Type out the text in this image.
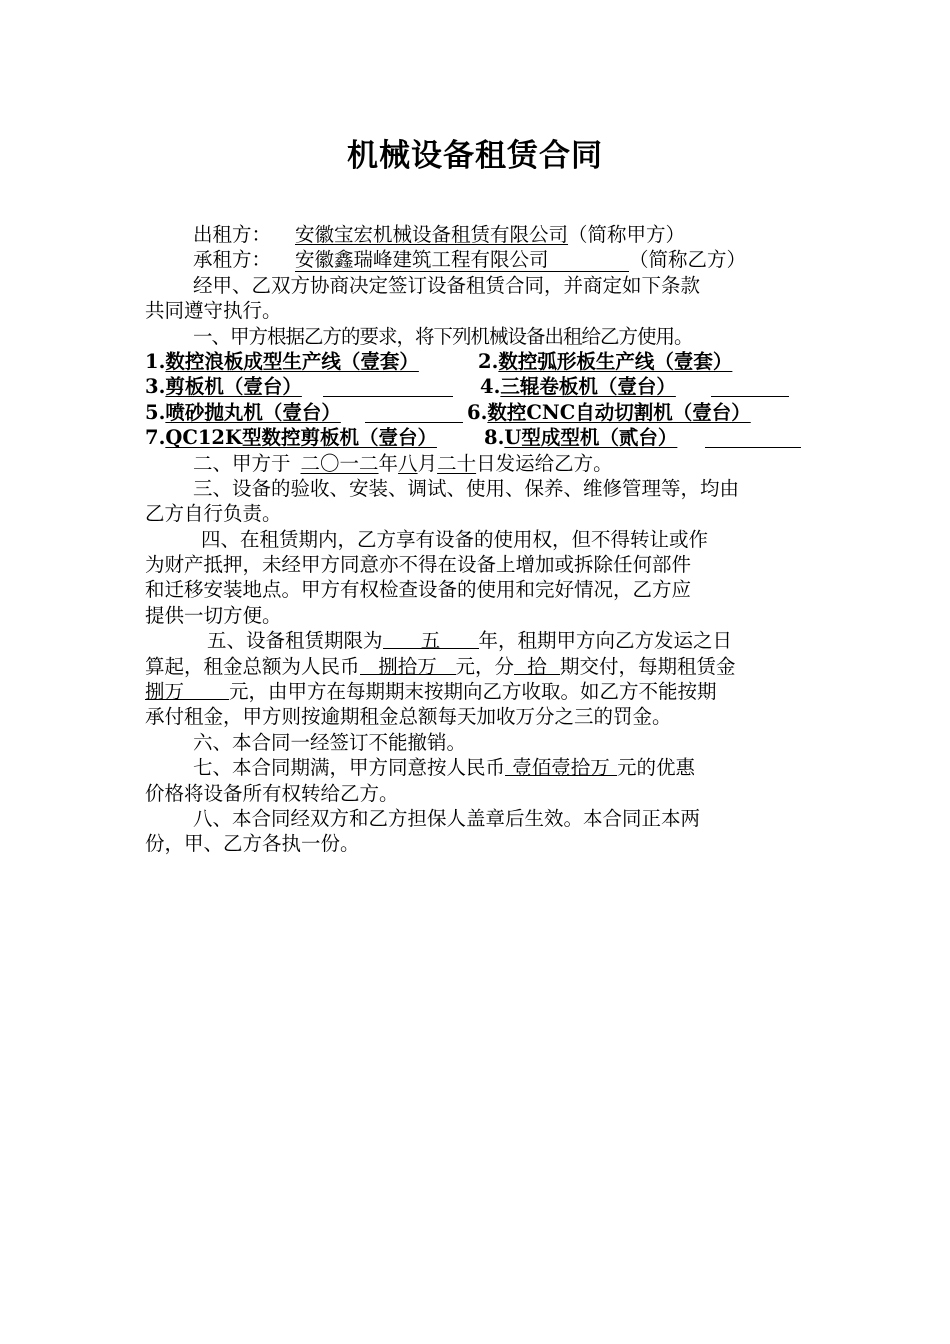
机械设备租赁合同
出租方： 安徽宝宏机械设备租赁有限公司（简称甲方）
承租方： 安徽鑫瑞峰建筑工程有限公司	（简称乙方）
经甲、乙双方协商决定签订设备租赁合同，并商定如下条款
共同遵守执行。
一、甲方根据乙方的要求，将下列机械设备出租给乙方使用。
1.数控浪板成型生产线（壹套）	2.数控弧形板生产线（壹套）
3.剪板机（壹台）	4.三辊卷板机（壹台）
5.喷砂抛丸机（壹台）	6.数控CNC自动切割机（壹台）
7.QC12K型数控剪板机（壹台） 8.U型成型机（贰台）
二、甲方于 二〇一二年八月二十日发运给乙方。
三、设备的验收、安装、调试、使用、保养、维修管理等，均由
乙方自行负责。
四、在租赁期内，乙方享有设备的使用权，但不得转让或作
为财产抵押，未经甲方同意亦不得在设备上增加或拆除任何部件
和迁移安装地点。甲方有权检查设备的使用和完好情况，乙方应
提供一切方便。
五、设备租赁期限为 五 年，租期甲方向乙方发运之日
算起，租金总额为人民币 捌拾万 元，分 拾 期交付，每期租赁金
捌万 元，由甲方在每期期末按期向乙方收取。如乙方不能按期
承付租金，甲方则按逾期租金总额每天加收万分之三的罚金。
六、本合同一经签订不能撤销。
七、本合同期满，甲方同意按人民币 壹佰壹拾万 元的优惠
价格将设备所有权转给乙方。
八、本合同经双方和乙方担保人盖章后生效。本合同正本两
份，甲、乙方各执一份。
